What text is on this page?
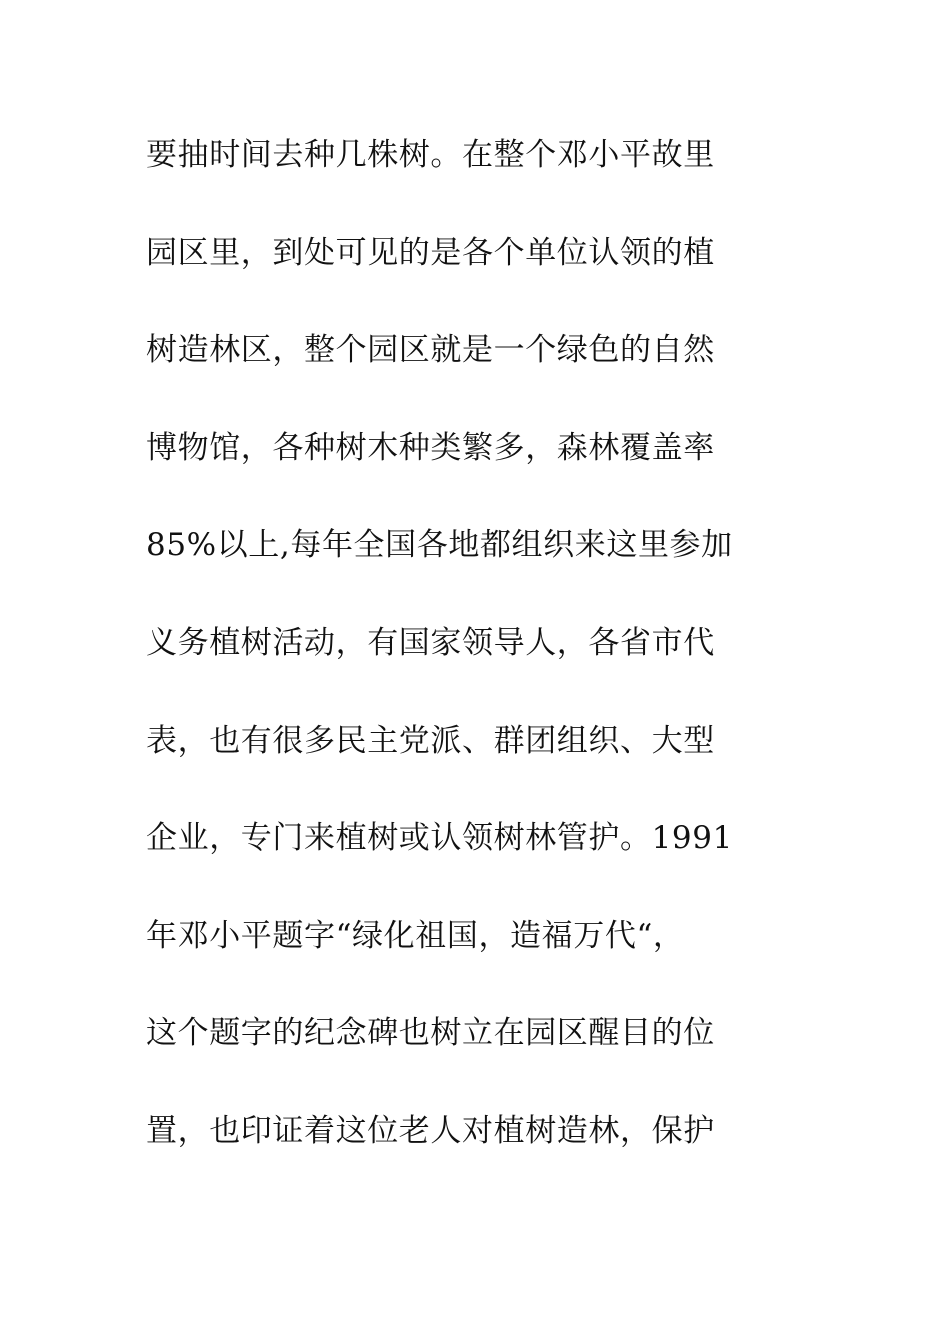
要抽时间去种几株树。在整个邓小平故里
园区里，到处可见的是各个单位认领的植
树造林区，整个园区就是一个绿色的自然
博物馆，各种树木种类繁多，森林覆盖率
85%以上,每年全国各地都组织来这里参加
义务植树活动，有国家领导人，各省市代
表，也有很多民主党派、群团组织、大型
企业，专门来植树或认领树林管护。1991
年邓小平题字“绿化祖国，造福万代“，
这个题字的纪念碑也树立在园区醒目的位
置，也印证着这位老人对植树造林，保护
